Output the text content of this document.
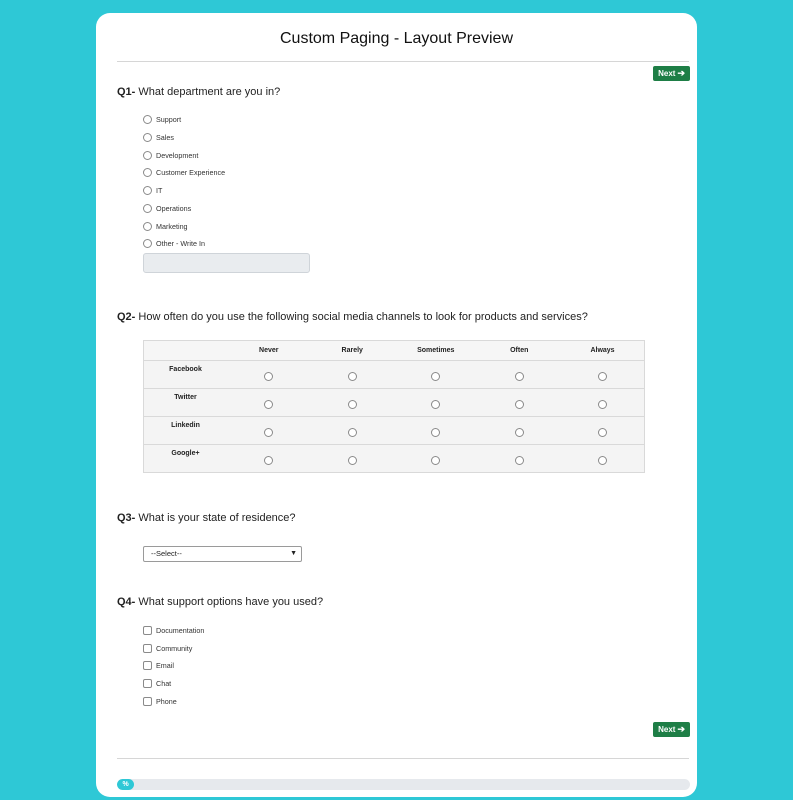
Custom Paging - Layout Preview
Next ➔
Q1- What department are you in?
Support
Sales
Development
Customer Experience
IT
Operations
Marketing
Other - Write In
Q2- How often do you use the following social media channels to look for products and services?
	Never	Rarely	Sometimes	Often	Always
Facebook					
Twitter					
Linkedin					
Google+					
Q3- What is your state of residence?
--Select--	▼
Q4- What support options have you used?
Documentation
Community
Email
Chat
Phone
Next ➔
%
